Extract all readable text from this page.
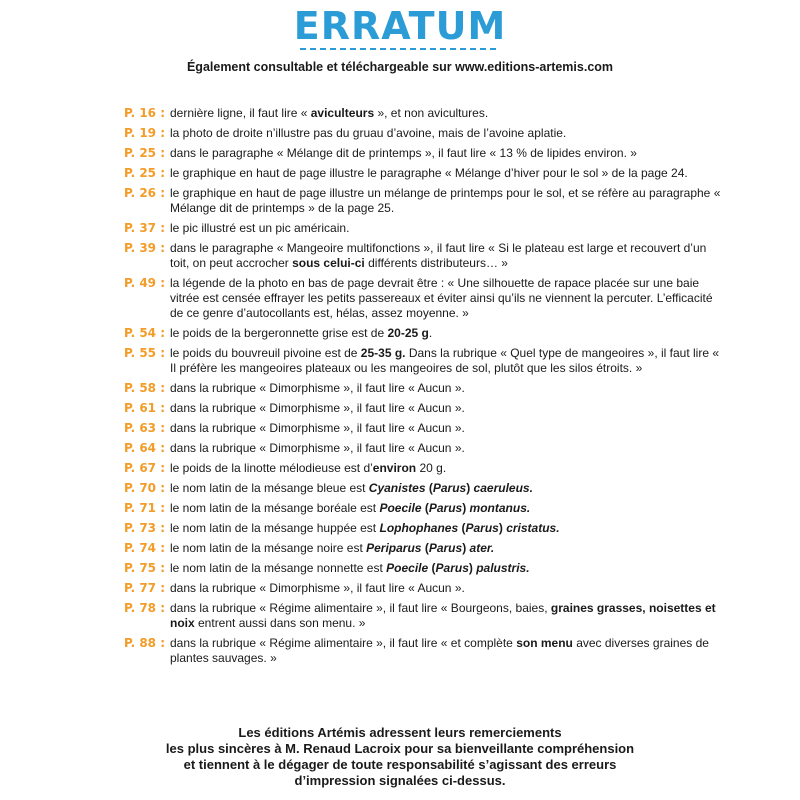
ERRATUM
Également consultable et téléchargeable sur www.editions-artemis.com
P. 16 : dernière ligne, il faut lire « aviculteurs », et non avicultures.
P. 19 : la photo de droite n’illustre pas du gruau d’avoine, mais de l’avoine aplatie.
P. 25 : dans le paragraphe « Mélange dit de printemps », il faut lire « 13 % de lipides environ. »
P. 25 : le graphique en haut de page illustre le paragraphe « Mélange d’hiver pour le sol » de la page 24.
P. 26 : le graphique en haut de page illustre un mélange de printemps pour le sol, et se réfère au paragraphe « Mélange dit de printemps » de la page 25.
P. 37 : le pic illustré est un pic américain.
P. 39 : dans le paragraphe « Mangeoire multifonctions », il faut lire « Si le plateau est large et recouvert d’un toit, on peut accrocher sous celui-ci différents distributeurs… »
P. 49 : la légende de la photo en bas de page devrait être : « Une silhouette de rapace placée sur une baie vitrée est censée effrayer les petits passereaux et éviter ainsi qu’ils ne viennent la percuter. L’efficacité de ce genre d’autocollants est, hélas, assez moyenne. »
P. 54 : le poids de la bergeronnette grise est de 20-25 g.
P. 55 : le poids du bouvreuil pivoine est de 25-35 g. Dans la rubrique « Quel type de mangeoires », il faut lire « Il préfère les mangeoires plateaux ou les mangeoires de sol, plutôt que les silos étroits. »
P. 58 : dans la rubrique « Dimorphisme », il faut lire « Aucun ».
P. 61 : dans la rubrique « Dimorphisme », il faut lire « Aucun ».
P. 63 : dans la rubrique « Dimorphisme », il faut lire « Aucun ».
P. 64 : dans la rubrique « Dimorphisme », il faut lire « Aucun ».
P. 67 : le poids de la linotte mélodieuse est d’environ 20 g.
P. 70 : le nom latin de la mésange bleue est Cyanistes (Parus) caeruleus.
P. 71 : le nom latin de la mésange boréale est Poecile (Parus) montanus.
P. 73 : le nom latin de la mésange huppée est Lophophanes (Parus) cristatus.
P. 74 : le nom latin de la mésange noire est Periparus (Parus) ater.
P. 75 : le nom latin de la mésange nonnette est Poecile (Parus) palustris.
P. 77 : dans la rubrique « Dimorphisme », il faut lire « Aucun ».
P. 78 : dans la rubrique « Régime alimentaire », il faut lire « Bourgeons, baies, graines grasses, noisettes et noix entrent aussi dans son menu. »
P. 88 : dans la rubrique « Régime alimentaire », il faut lire « et complète son menu avec diverses graines de plantes sauvages. »
Les éditions Artémis adressent leurs remerciements
les plus sincères à M. Renaud Lacroix pour sa bienveillante compréhension
et tiennent à le dégager de toute responsabilité s’agissant des erreurs
d’impression signalées ci-dessus.
